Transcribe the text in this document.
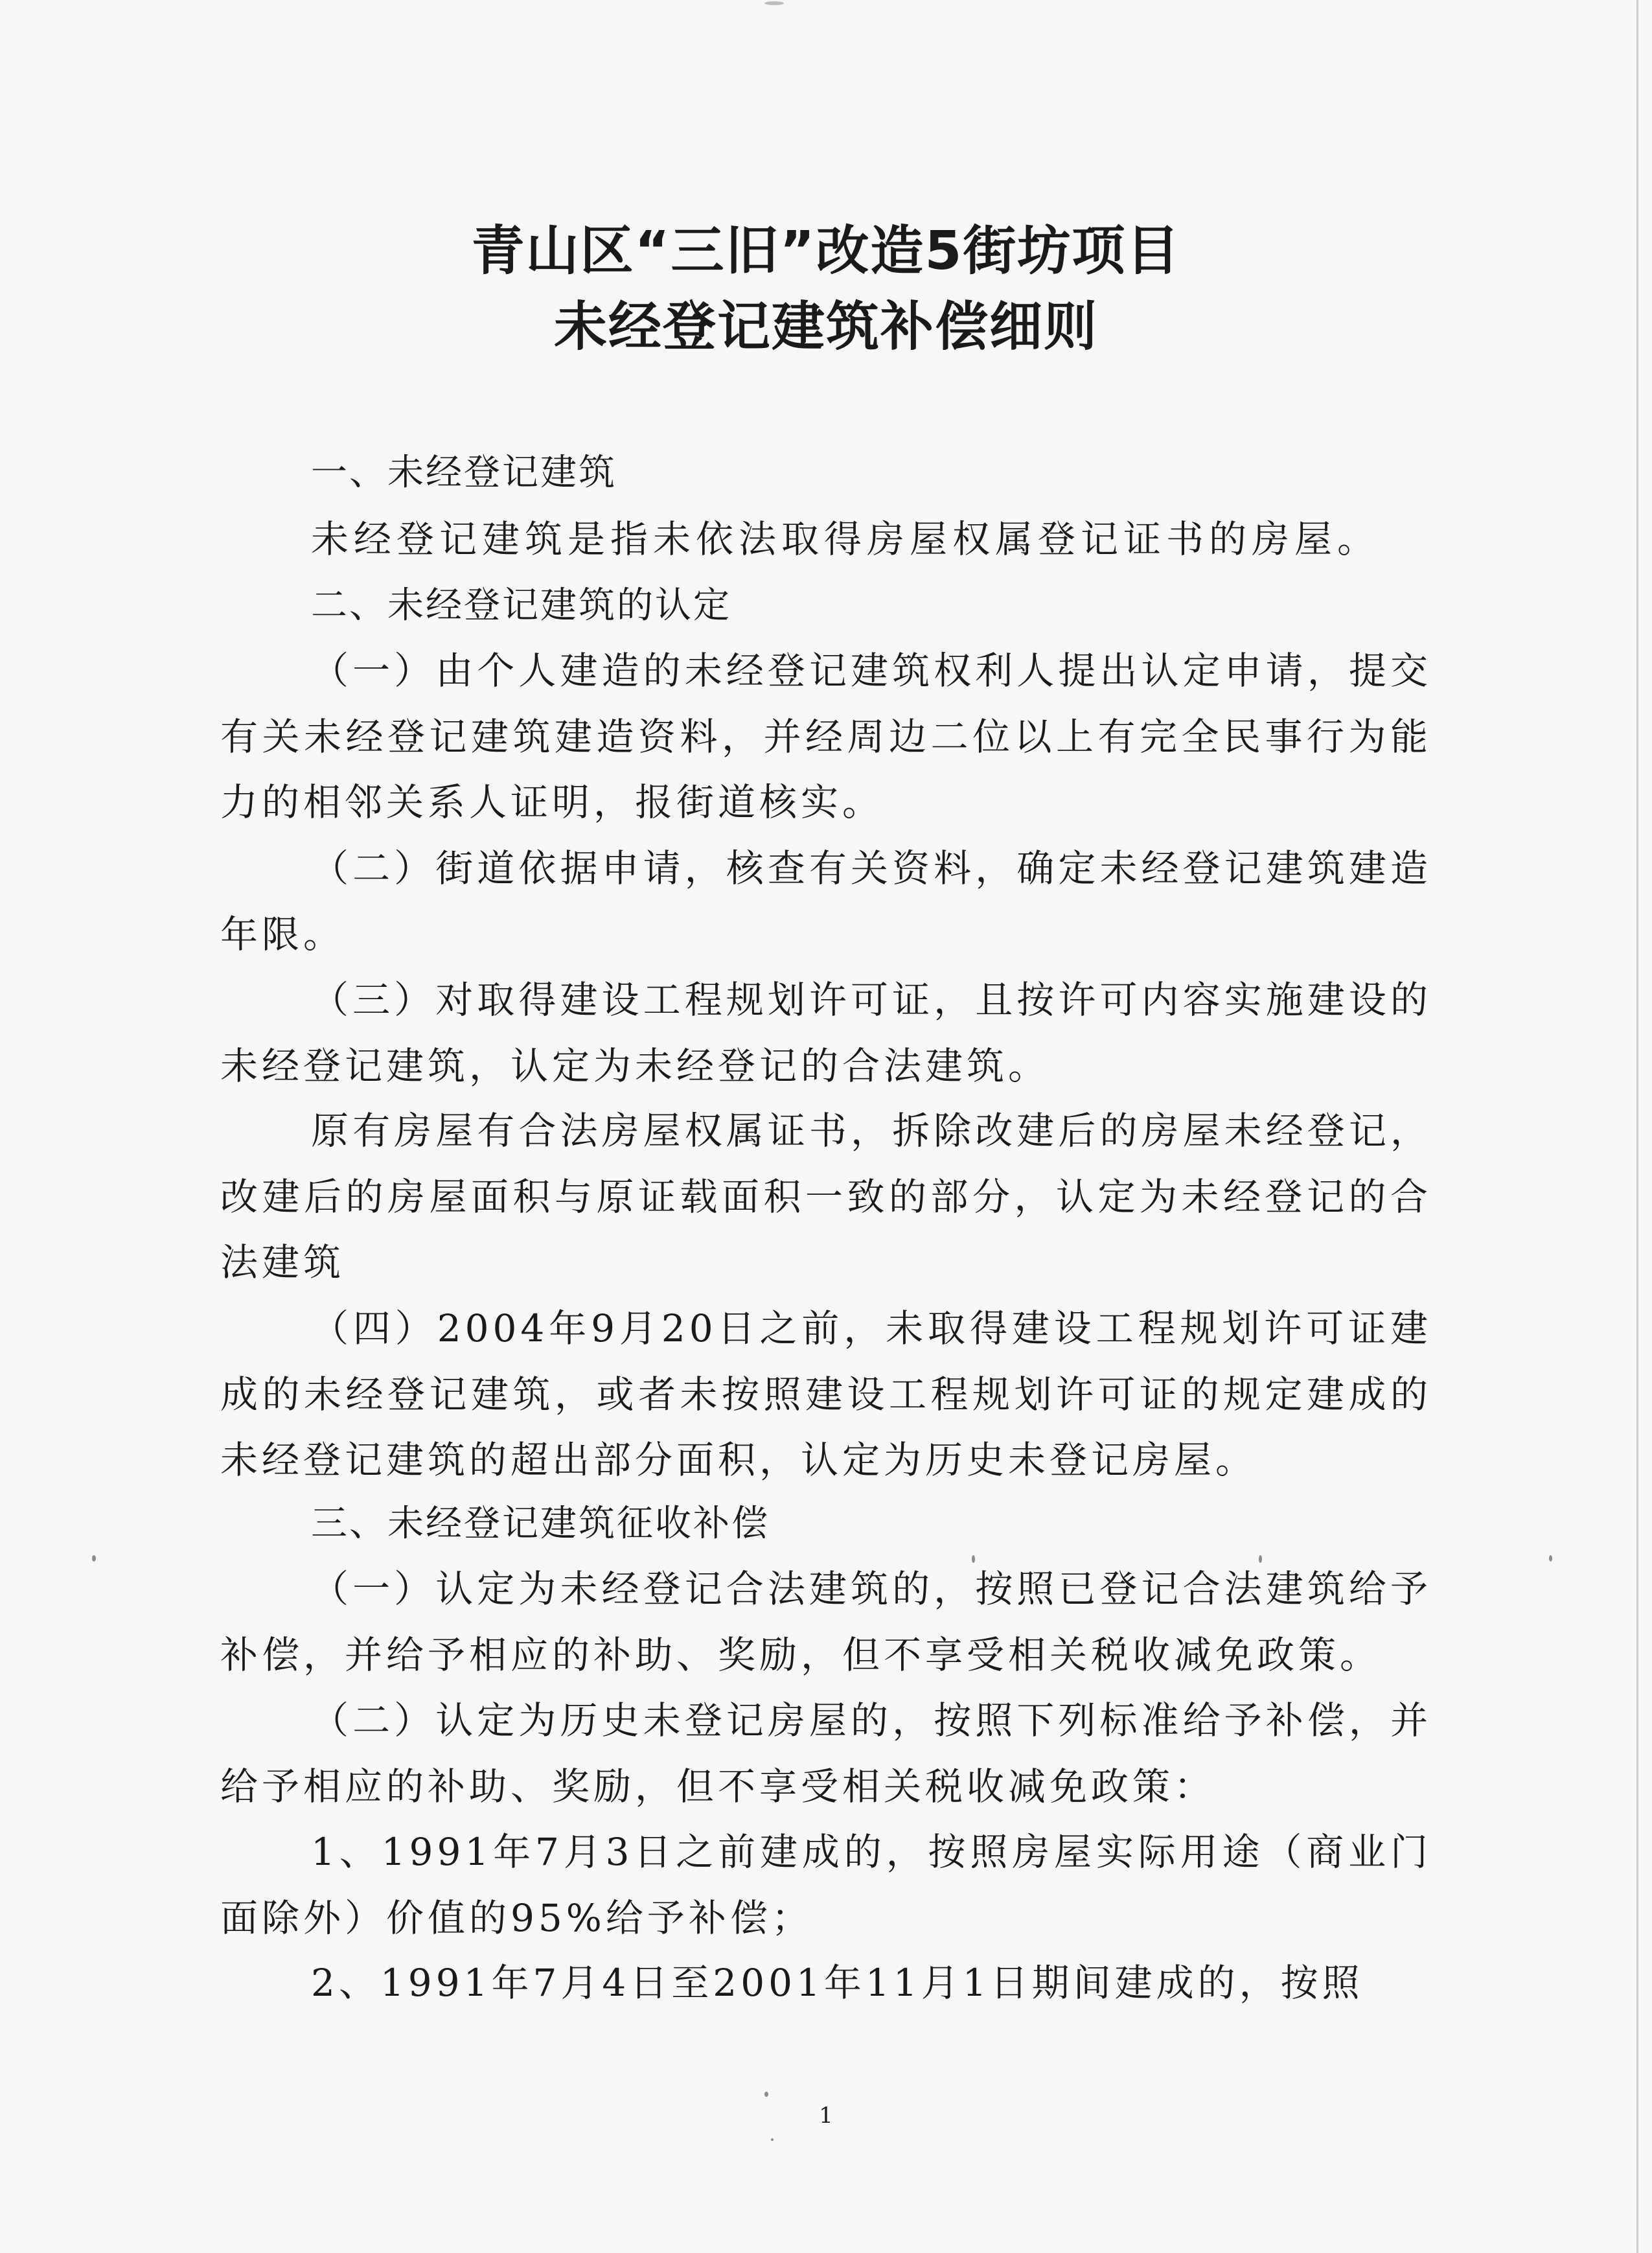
青山区“三旧”改造5街坊项目
未经登记建筑补偿细则
一、未经登记建筑
未经登记建筑是指未依法取得房屋权属登记证书的房屋。
二、未经登记建筑的认定
（一）由个人建造的未经登记建筑权利人提出认定申请，提交有关未经登记建筑建造资料，并经周边二位以上有完全民事行为能力的相邻关系人证明，报街道核实。
（二）街道依据申请，核查有关资料，确定未经登记建筑建造年限。
（三）对取得建设工程规划许可证，且按许可内容实施建设的未经登记建筑，认定为未经登记的合法建筑。
原有房屋有合法房屋权属证书，拆除改建后的房屋未经登记，改建后的房屋面积与原证载面积一致的部分，认定为未经登记的合法建筑
（四）2004年9月20日之前，未取得建设工程规划许可证建成的未经登记建筑，或者未按照建设工程规划许可证的规定建成的未经登记建筑的超出部分面积，认定为历史未登记房屋。
三、未经登记建筑征收补偿
（一）认定为未经登记合法建筑的，按照已登记合法建筑给予补偿，并给予相应的补助、奖励，但不享受相关税收减免政策。
（二）认定为历史未登记房屋的，按照下列标准给予补偿，并给予相应的补助、奖励，但不享受相关税收减免政策：
1、1991年7月3日之前建成的，按照房屋实际用途（商业门面除外）价值的95%给予补偿；
2、1991年7月4日至2001年11月1日期间建成的，按照
1
